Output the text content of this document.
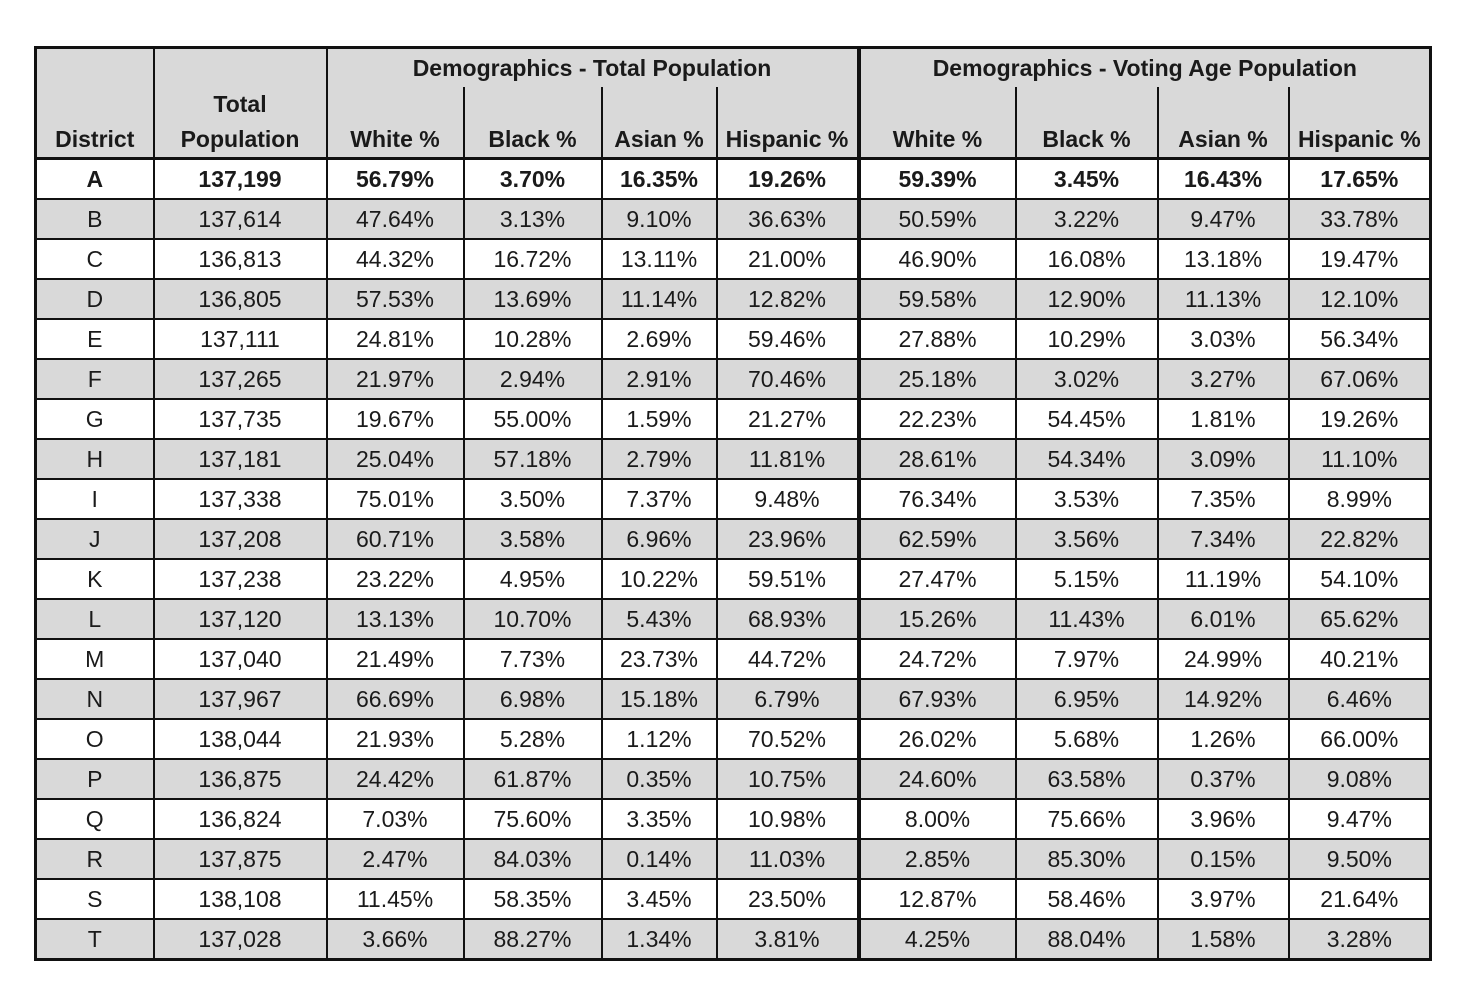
District	Total
Population	Demographics - Total Population				Demographics - Voting Age Population			
		White %	Black %	Asian %	Hispanic %	White %	Black %	Asian %	Hispanic %
A	137,199	56.79%	3.70%	16.35%	19.26%	59.39%	3.45%	16.43%	17.65%
B	137,614	47.64%	3.13%	9.10%	36.63%	50.59%	3.22%	9.47%	33.78%
C	136,813	44.32%	16.72%	13.11%	21.00%	46.90%	16.08%	13.18%	19.47%
D	136,805	57.53%	13.69%	11.14%	12.82%	59.58%	12.90%	11.13%	12.10%
E	137,111	24.81%	10.28%	2.69%	59.46%	27.88%	10.29%	3.03%	56.34%
F	137,265	21.97%	2.94%	2.91%	70.46%	25.18%	3.02%	3.27%	67.06%
G	137,735	19.67%	55.00%	1.59%	21.27%	22.23%	54.45%	1.81%	19.26%
H	137,181	25.04%	57.18%	2.79%	11.81%	28.61%	54.34%	3.09%	11.10%
I	137,338	75.01%	3.50%	7.37%	9.48%	76.34%	3.53%	7.35%	8.99%
J	137,208	60.71%	3.58%	6.96%	23.96%	62.59%	3.56%	7.34%	22.82%
K	137,238	23.22%	4.95%	10.22%	59.51%	27.47%	5.15%	11.19%	54.10%
L	137,120	13.13%	10.70%	5.43%	68.93%	15.26%	11.43%	6.01%	65.62%
M	137,040	21.49%	7.73%	23.73%	44.72%	24.72%	7.97%	24.99%	40.21%
N	137,967	66.69%	6.98%	15.18%	6.79%	67.93%	6.95%	14.92%	6.46%
O	138,044	21.93%	5.28%	1.12%	70.52%	26.02%	5.68%	1.26%	66.00%
P	136,875	24.42%	61.87%	0.35%	10.75%	24.60%	63.58%	0.37%	9.08%
Q	136,824	7.03%	75.60%	3.35%	10.98%	8.00%	75.66%	3.96%	9.47%
R	137,875	2.47%	84.03%	0.14%	11.03%	2.85%	85.30%	0.15%	9.50%
S	138,108	11.45%	58.35%	3.45%	23.50%	12.87%	58.46%	3.97%	21.64%
T	137,028	3.66%	88.27%	1.34%	3.81%	4.25%	88.04%	1.58%	3.28%
